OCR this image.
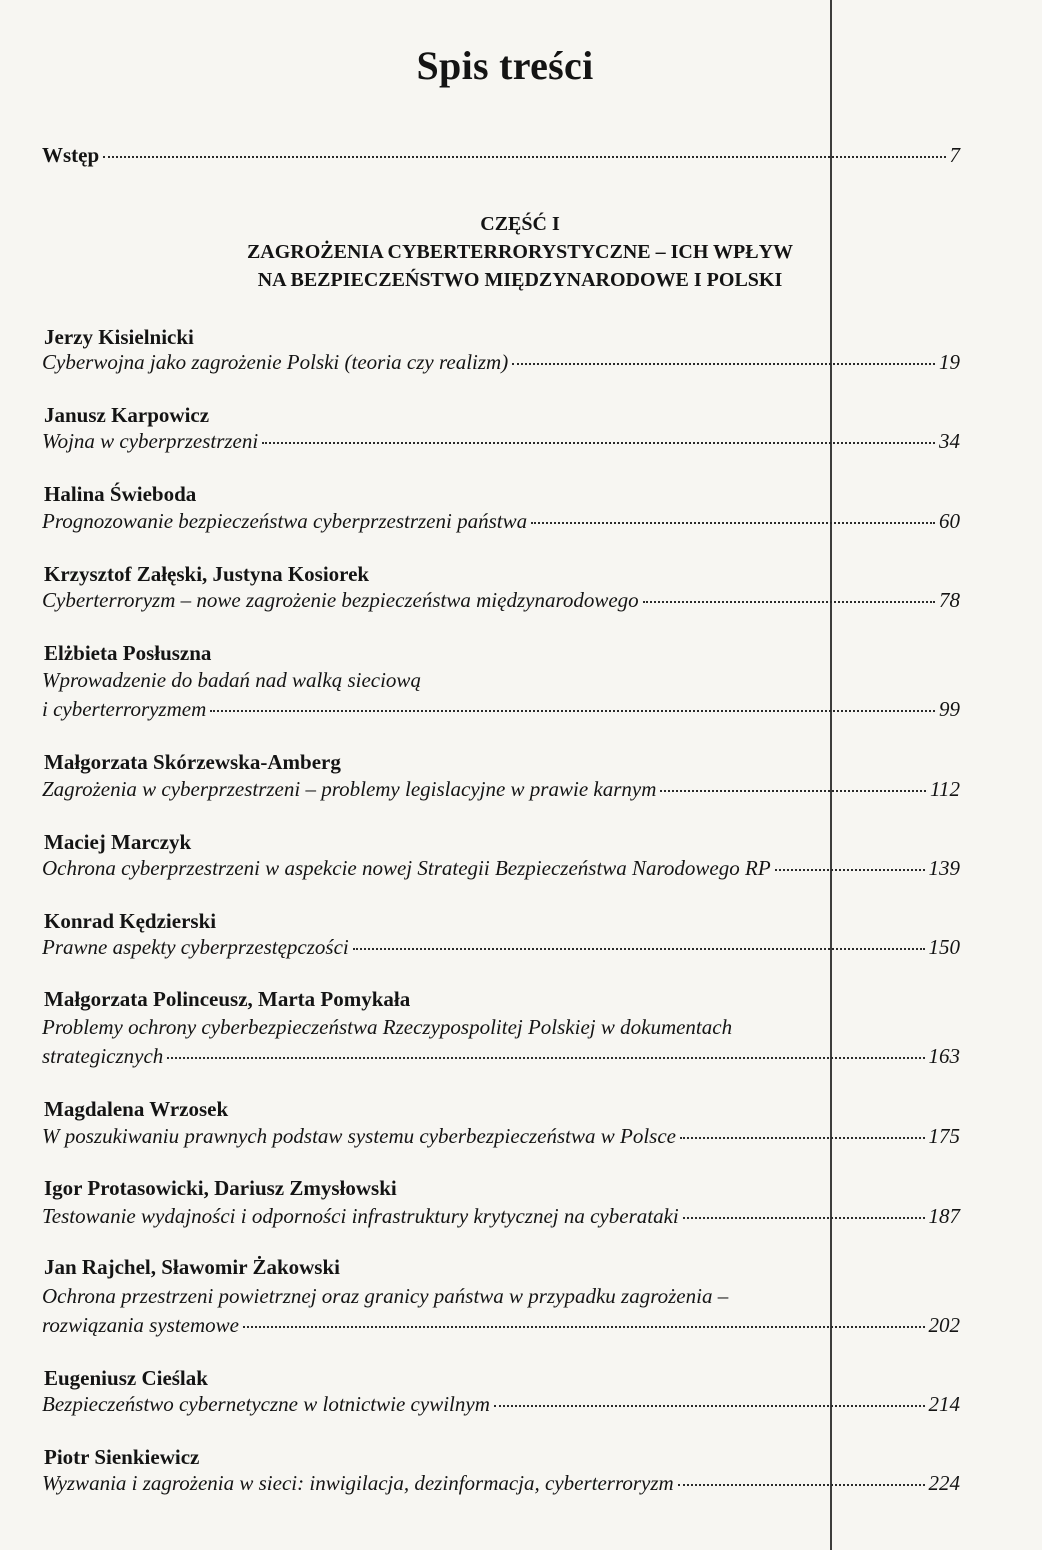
Spis treści
Wstęp	7
CZĘŚĆ I
ZAGROŻENIA CYBERTERRORYSTYCZNE – ICH WPŁYW
NA BEZPIECZEŃSTWO MIĘDZYNARODOWE I POLSKI
Jerzy Kisielnicki
Cyberwojna jako zagrożenie Polski (teoria czy realizm)	19
Janusz Karpowicz
Wojna w cyberprzestrzeni	34
Halina Świeboda
Prognozowanie bezpieczeństwa cyberprzestrzeni państwa	60
Krzysztof Załęski, Justyna Kosiorek
Cyberterroryzm – nowe zagrożenie bezpieczeństwa międzynarodowego	78
Elżbieta Posłuszna
Wprowadzenie do badań nad walką sieciową
i cyberterroryzmem	99
Małgorzata Skórzewska-Amberg
Zagrożenia w cyberprzestrzeni – problemy legislacyjne w prawie karnym	112
Maciej Marczyk
Ochrona cyberprzestrzeni w aspekcie nowej Strategii Bezpieczeństwa Narodowego RP	139
Konrad Kędzierski
Prawne aspekty cyberprzestępczości	150
Małgorzata Polinceusz, Marta Pomykała
Problemy ochrony cyberbezpieczeństwa Rzeczypospolitej Polskiej w dokumentach
strategicznych	163
Magdalena Wrzosek
W poszukiwaniu prawnych podstaw systemu cyberbezpieczeństwa w Polsce	175
Igor Protasowicki, Dariusz Zmysłowski
Testowanie wydajności i odporności infrastruktury krytycznej na cyberataki	187
Jan Rajchel, Sławomir Żakowski
Ochrona przestrzeni powietrznej oraz granicy państwa w przypadku zagrożenia –
rozwiązania systemowe	202
Eugeniusz Cieślak
Bezpieczeństwo cybernetyczne w lotnictwie cywilnym	214
Piotr Sienkiewicz
Wyzwania i zagrożenia w sieci: inwigilacja, dezinformacja, cyberterroryzm	224
